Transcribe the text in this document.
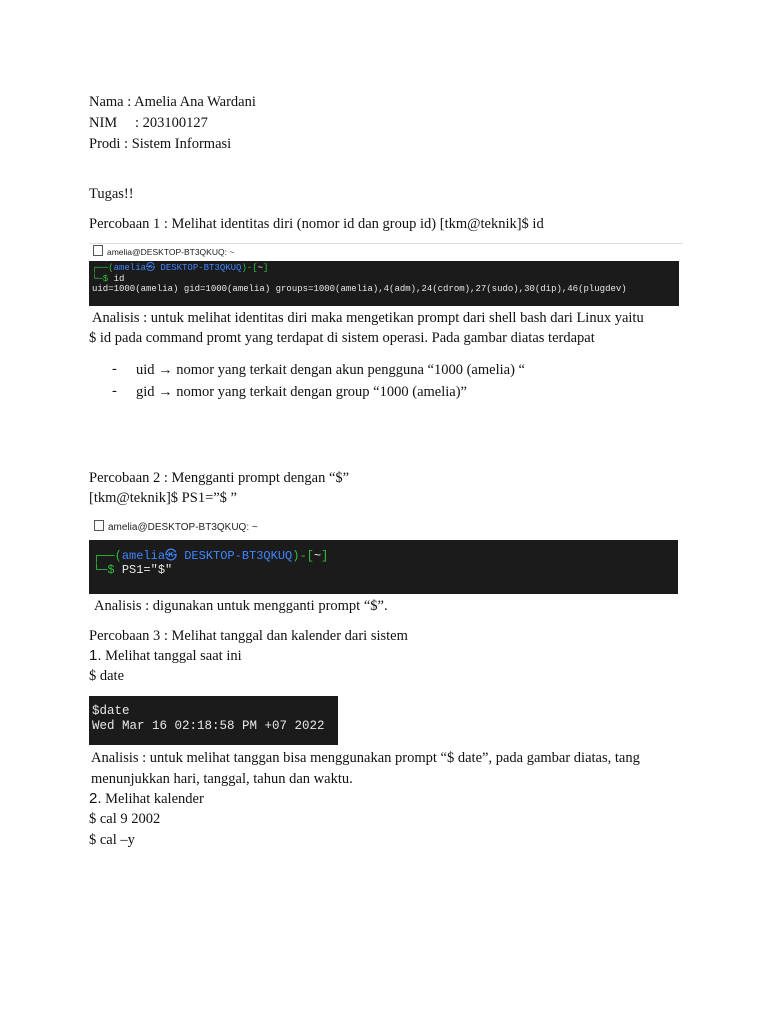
Nama : Amelia Ana Wardani
NIM : 203100127
Prodi : Sistem Informasi
Tugas!!
Percobaan 1 : Melihat identitas diri (nomor id dan group id) [tkm@teknik]$ id
amelia@DESKTOP-BT3QKUQ: ~
┌──(amelia㉿ DESKTOP-BT3QKUQ)-[~]
└─$ id
uid=1000(amelia) gid=1000(amelia) groups=1000(amelia),4(adm),24(cdrom),27(sudo),30(dip),46(plugdev)
Analisis : untuk melihat identitas diri maka mengetikan prompt dari shell bash dari Linux yaitu
$ id pada command promt yang terdapat di sistem operasi. Pada gambar diatas terdapat
- uid → nomor yang terkait dengan akun pengguna “1000 (amelia) “
- gid → nomor yang terkait dengan group “1000 (amelia)”
Percobaan 2 : Mengganti prompt dengan “$”
[tkm@teknik]$ PS1=”$ ”
amelia@DESKTOP-BT3QKUQ: ~
┌──(amelia㉿ DESKTOP-BT3QKUQ)-[~]
└─$ PS1="$"
Analisis : digunakan untuk mengganti prompt “$”.
Percobaan 3 : Melihat tanggal dan kalender dari sistem
1. Melihat tanggal saat ini
$ date
$date
Wed Mar 16 02:18:58 PM +07 2022
Analisis : untuk melihat tanggan bisa menggunakan prompt “$ date”, pada gambar diatas, tang
menunjukkan hari, tanggal, tahun dan waktu.
2. Melihat kalender
$ cal 9 2002
$ cal –y
